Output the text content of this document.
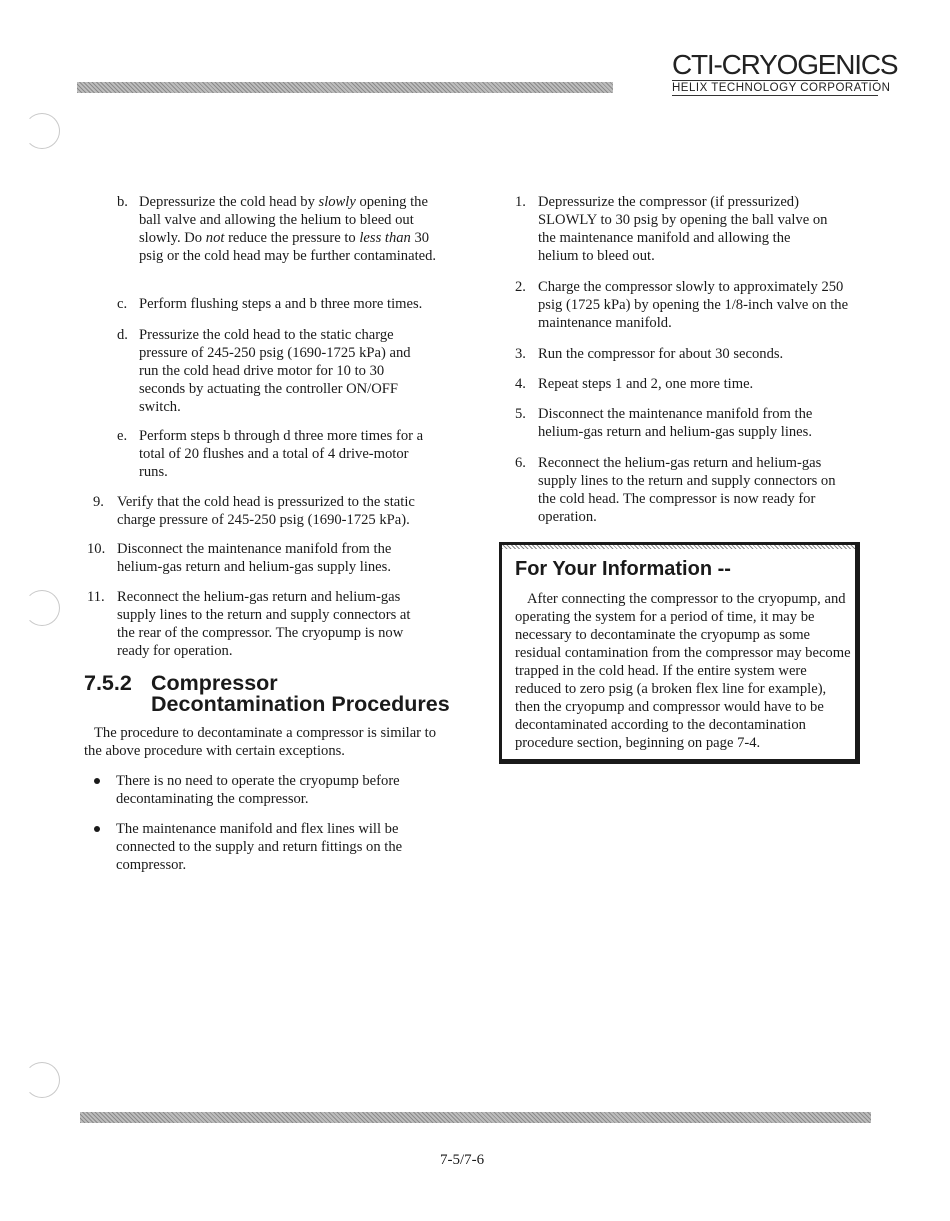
CTI-CRYOGENICS
HELIX TECHNOLOGY CORPORATION
b. Depressurize the cold head by slowly opening the ball valve and allowing the helium to bleed out slowly. Do not reduce the pressure to less than 30 psig or the cold head may be further contaminated.
c. Perform flushing steps a and b three more times.
d. Pressurize the cold head to the static charge pressure of 245-250 psig (1690-1725 kPa) and run the cold head drive motor for 10 to 30 seconds by actuating the controller ON/OFF switch.
e. Perform steps b through d three more times for a total of 20 flushes and a total of 4 drive-motor runs.
9. Verify that the cold head is pressurized to the static charge pressure of 245-250 psig (1690-1725 kPa).
10. Disconnect the maintenance manifold from the helium-gas return and helium-gas supply lines.
11. Reconnect the helium-gas return and helium-gas supply lines to the return and supply connectors at the rear of the compressor. The cryopump is now ready for operation.
7.5.2 Compressor
Decontamination Procedures
The procedure to decontaminate a compressor is similar to the above procedure with certain exceptions.
There is no need to operate the cryopump before decontaminating the compressor.
The maintenance manifold and flex lines will be connected to the supply and return fittings on the compressor.
1. Depressurize the compressor (if pressurized) SLOWLY to 30 psig by opening the ball valve on the maintenance manifold and allowing the helium to bleed out.
2. Charge the compressor slowly to approximately 250 psig (1725 kPa) by opening the 1/8-inch valve on the maintenance manifold.
3. Run the compressor for about 30 seconds.
4. Repeat steps 1 and 2, one more time.
5. Disconnect the maintenance manifold from the helium-gas return and helium-gas supply lines.
6. Reconnect the helium-gas return and helium-gas supply lines to the return and supply connectors on the cold head. The compressor is now ready for operation.
For Your Information --
After connecting the compressor to the cryopump, and operating the system for a period of time, it may be necessary to decontaminate the cryopump as some residual contamination from the compressor may become trapped in the cold head. If the entire system were reduced to zero psig (a broken flex line for example), then the cryopump and compressor would have to be decontaminated according to the decontamination procedure section, beginning on page 7-4.
7-5/7-6
